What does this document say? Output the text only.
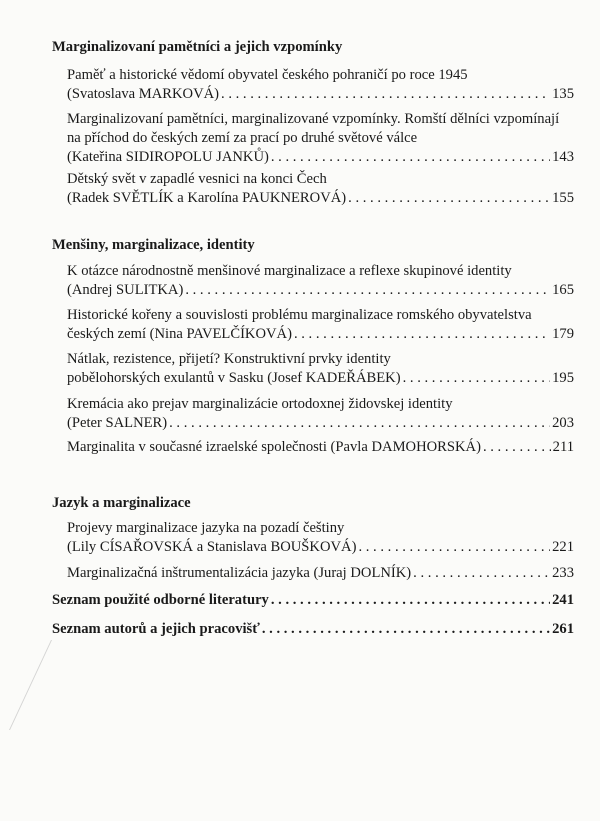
Marginalizovaní pamětníci a jejich vzpomínky
Paměť a historické vědomí obyvatel českého pohraničí po roce 1945
(Svatoslava MARKOVÁ) . . .	135
Marginalizovaní pamětníci, marginalizované vzpomínky. Romští dělníci vzpomínají
na příchod do českých zemí za prací po druhé světové válce
(Kateřina SIDIROPOLU JANKŮ) . . .	143
Dětský svět v zapadlé vesnici na konci Čech
(Radek SVĚTLÍK a Karolína PAUKNEROVÁ) . . .	155
Menšiny, marginalizace, identity
K otázce národnostně menšinové marginalizace a reflexe skupinové identity
(Andrej SULITKA) . . .	165
Historické kořeny a souvislosti problému marginalizace romského obyvatelstva
českých zemí (Nina PAVELČÍKOVÁ) . . .	179
Nátlak, rezistence, přijetí? Konstruktivní prvky identity
pobělohorských exulantů v Sasku (Josef KADEŘÁBEK) . . .	195
Kremácia ako prejav marginalizácie ortodoxnej židovskej identity
(Peter SALNER) . . .	203
Marginalita v současné izraelské společnosti (Pavla DAMOHORSKÁ) . . .	211
Jazyk a marginalizace
Projevy marginalizace jazyka na pozadí češtiny
(Lily CÍSAŘOVSKÁ a Stanislava BOUŠKOVÁ) . . .	221
Marginalizačná inštrumentalizácia jazyka (Juraj DOLNÍK) . . .	233
Seznam použité odborné literatury . . .	241
Seznam autorů a jejich pracovišť . . .	261
